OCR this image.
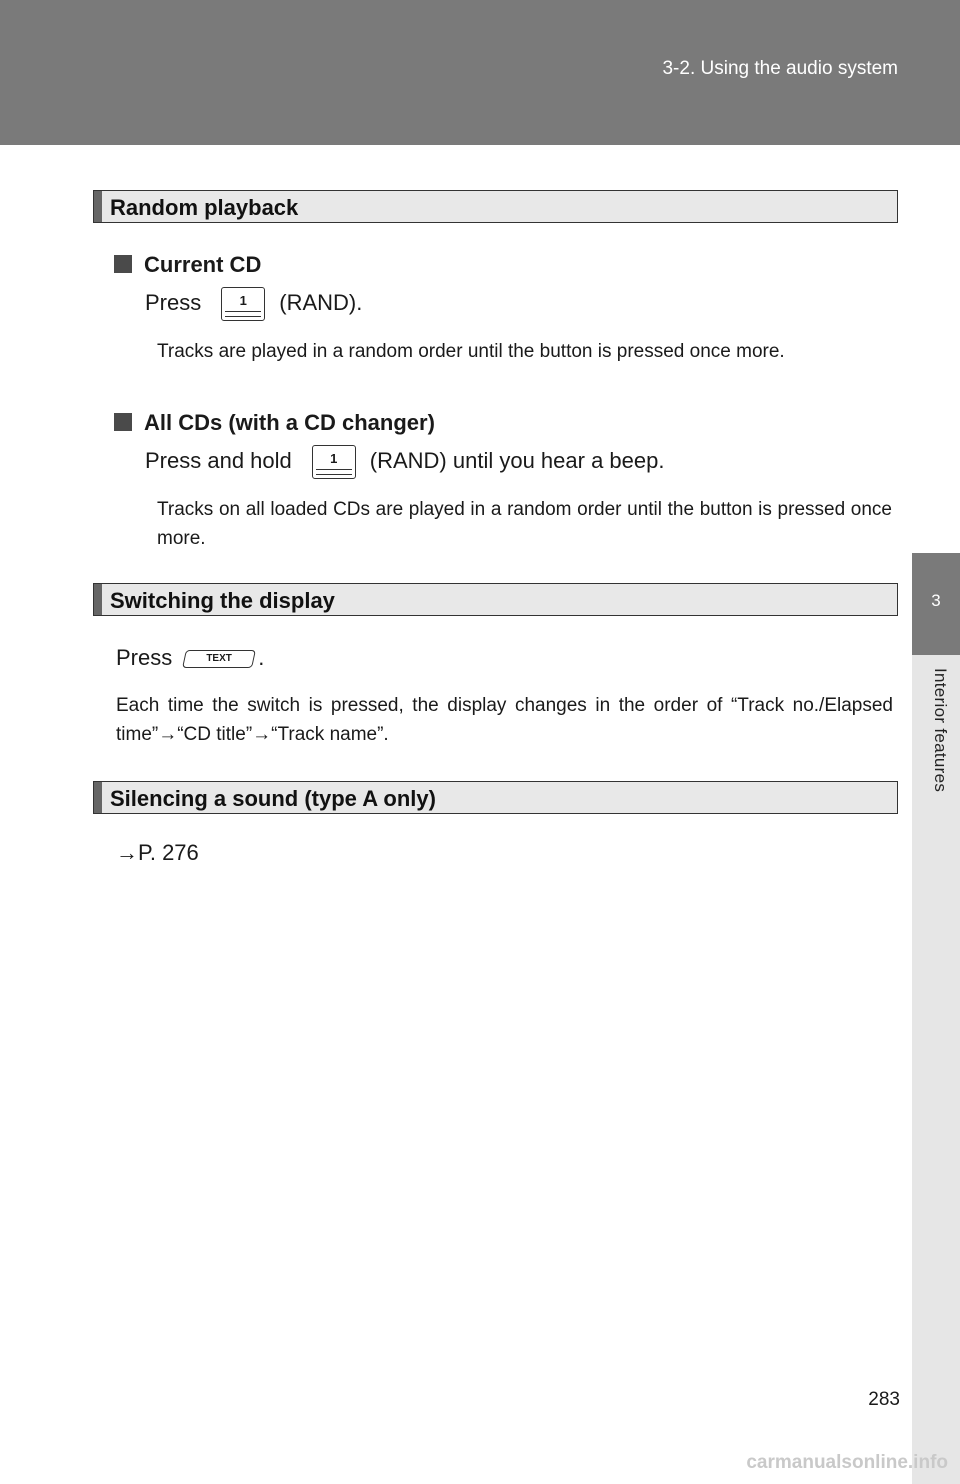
3-2. Using the audio system
3
Interior features
Random playback
Current CD
Press	1	(RAND).
Tracks are played in a random order until the button is pressed once more.
All CDs (with a CD changer)
Press and hold	1	(RAND) until you hear a beep.
Tracks on all loaded CDs are played in a random order until the button is pressed once more.
Switching the display
Press	TEXT	.
Each time the switch is pressed, the display changes in the order of “Track no./Elapsed time”→“CD title”→“Track name”.
Silencing a sound (type A only)
→P. 276
283
carmanualsonline.info
